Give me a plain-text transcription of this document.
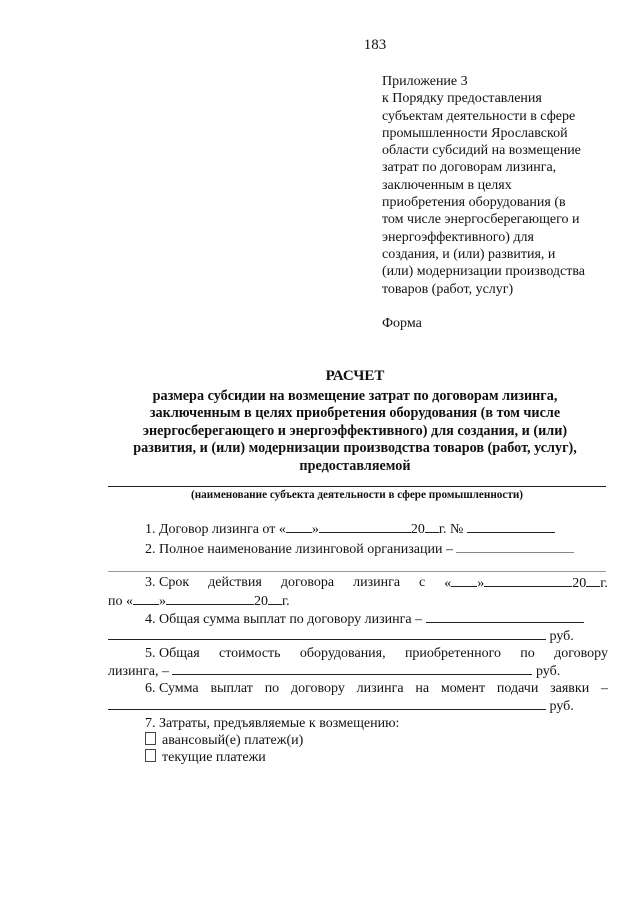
183
Приложение 3
к Порядку предоставления
субъектам деятельности в сфере
промышленности Ярославской
области субсидий на возмещение
затрат по договорам лизинга,
заключенным в целях
приобретения оборудования (в
том числе энергосберегающего и
энергоэффективного) для
создания, и (или) развития, и
(или) модернизации производства
товаров (работ, услуг)
Форма
РАСЧЕТ
размера субсидии на возмещение затрат по договорам лизинга,
заключенным в целях приобретения оборудования (в том числе
энергосберегающего и энергоэффективного) для создания, и (или)
развития, и (или) модернизации производства товаров (работ, услуг),
предоставляемой
(наименование субъекта деятельности в сфере промышленности)
1. Договор лизинга от « »	20 г. №
2. Полное наименование лизинговой организации –
3. Срок действия договора лизинга с « »	20 г.
по « »	20 г.
4. Общая сумма выплат по договору лизинга –
руб.
5. Общая стоимость оборудования, приобретенного по договору
лизинга, –	руб.
6. Сумма выплат по договору лизинга на момент подачи заявки –
руб.
7. Затраты, предъявляемые к возмещению:
авансовый(е) платеж(и)
текущие платежи
